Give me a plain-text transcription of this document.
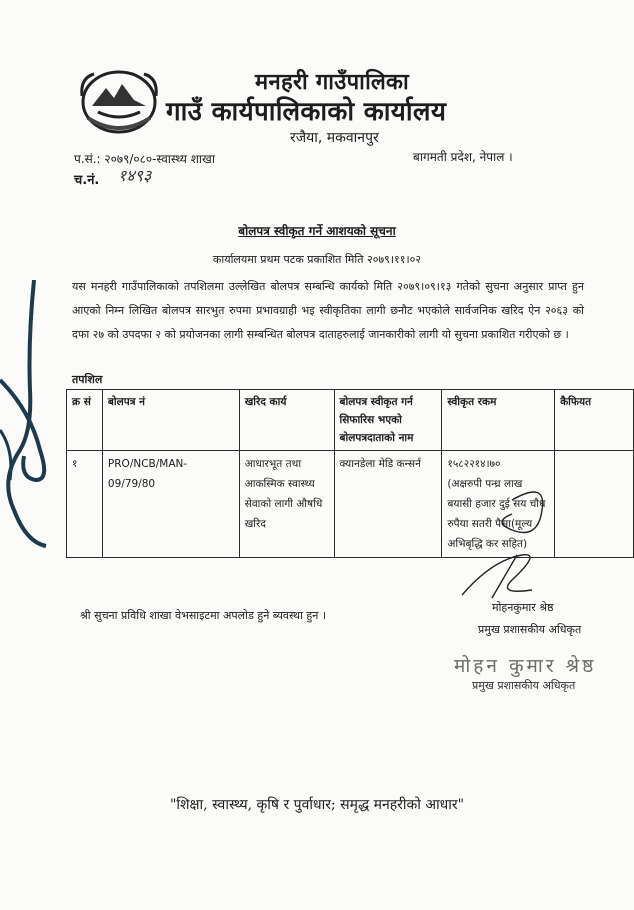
मनहरी गाउँपालिका
गाउँ कार्यपालिकाको कार्यालय
रजैया, मकवानपुर
प.सं.: २०७९/०८०-स्वास्थ्य शाखा	बागमती प्रदेश, नेपाल ।
च.नं. १४९३
बोलपत्र स्वीकृत गर्ने आशयको सूचना
कार्यालयमा प्रथम पटक प्रकाशित मिति २०७९।११।०२
यस मनहरी गाउँपालिकाको तपशिलमा उल्लेखित बोलपत्र सम्बन्धि कार्यको मिति २०७९।०९।१३ गतेको सुचना अनुसार प्राप्त हुन आएको निम्न लिखित बोलपत्र सारभुत रुपमा प्रभावग्राही भइ स्वीकृतिका लागी छनौट भएकोले सार्वजनिक खरिद ऐन २०६३ को दफा २७ को उपदफा २ को प्रयोजनका लागी सम्बन्धित बोलपत्र दाताहरुलाई जानकारीको लागी यो सुचना प्रकाशित गरीएको छ ।
तपशिल
क्र सं	बोलपत्र नं	खरिद कार्य	बोलपत्र स्वीकृत गर्न सिफारिस भएको बोलपत्रदाताको नाम	स्वीकृत रकम	कैफियत
१	PRO/NCB/MAN-09/79/80	आधारभूत तथा आकस्मिक स्वास्थ्य सेवाको लागी औषधि खरिद	क्यानडेला मेडि कन्सर्न	१५८२२१४।७०
(अक्षरुपी पन्ध्र लाख बयासी हजार दुई सय चौध रुपैया सतरी पैसा(मूल्य अभिबृद्धि कर सहित)	

श्री सुचना प्रविधि शाखा वेभसाइटमा अपलोड हुने ब्यवस्था हुन ।
मोहनकुमार श्रेष्ठ
प्रमुख प्रशासकीय अधिकृत
मोहन कुमार श्रेष्ठ
प्रमुख प्रशासकीय अधिकृत
"शिक्षा, स्वास्थ्य, कृषि र पुर्वाधार; समृद्ध मनहरीको आधार"
